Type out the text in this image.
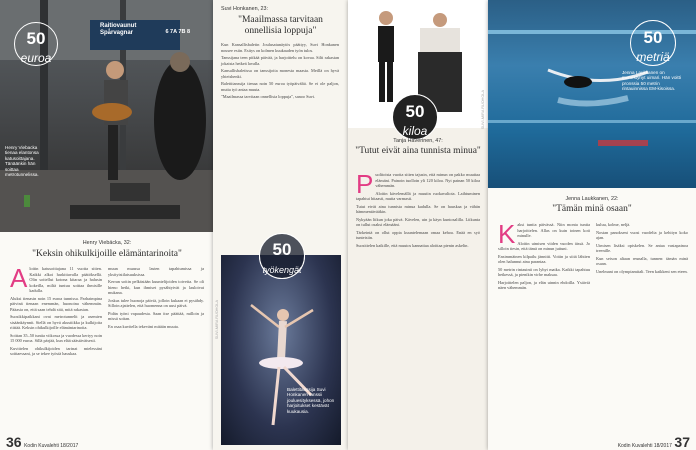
Raitiovaunut
Spårvagnar	6 7A 7B 8
50 euroa
Henry Viebacka tienaa elantonsa katusoittajana. Tänäänkin hän soittaa metrotunnelissa.
Henry Viebäcka, 32:
"Keksin ohikulkijoille elämäntarinoita"
A loitin katusoittajana 11 vuotta sitten. Kaikki alkoi harkittavalla päätöksellä. Olin soitellut kotona kitaraa ja halusin kokeilla, miltä tuntuu soittaa ihmisille kadulla.

Aluksi tienasin noin 15 euroa tunnissa. Parhaimpina päivinä tienaan enemmän, huonoina vähemmän. Pääasia on, että saan tehdä sitä, mitä rakastan.

Suosikkipaikkani ovat metrotunnelit ja asemien sisäänkäynnit. Siellä on hyvä akustiikka ja kulkijoita riittää. Keksin ohikulkijoille elämäntarinoita.

Soittan 35–50 tuntia viikossa ja vuodessa kertyy noin 15 000 euroa. Sillä pärjää, kun elää säästäväisesti.

Kuvittelen ohikulkijoiden tarinat mielessäni soittaessani, ja se tekee työstä hauskaa.

muun muassa lasten tapahtumissa ja yksityistilaisuuksissa.

Kerran soitin pelkästään kuuntelijoiden toiveita. Se oli hieno hetki, kun ihmiset pysähtyivät ja lauloivat mukana.

Joskus tulee huonoja päiviä, jolloin kukaan ei pysähdy. Silloin ajattelen, että huomenna on uusi päivä.

Pidän työni vapaudesta. Saan itse päättää, milloin ja missä soitan.

En osaa kuvitella tekeväni mitään muuta.

36 Kodin Kuvalehti 18/2017
Suvi Honkanen, 23:
"Maailmassa tarvitaan onnellisia loppuja"

Kun Kansallisbaletin Joulusatunäytös päättyy, Suvi Honkanen nousee esiin. Esitys on kolmen kuukauden työn tulos.

Tanssijana teen pitkää päivää, ja harjoittelu on kovaa. Silti rakastan jokaista hetkeä lavalla.

Kansallisbaletissa on tanssijoita monesta maasta. Meillä on hyvä yhteishenki.

Balettitanssija tienaa noin 50 euroa työpäivältä. Se ei ole paljon, mutta työ antaa muuta.

"Maailmassa tarvitaan onnellisia loppuja", sanoo Suvi.

Balettitanssija Suvi Honkanen tanssii jouluesityksessä, johon harjoitukset kestävät kuukausia.
50
työkengät
SUVI-MIRA RUOHOLA
50 kiloa
Tanja Haverinen, 47:
"Tutut eivät aina tunnista minua"
P uolitoista vuotta sitten tajusin, että minun on pakko muuttaa elämäni. Painoin tuolloin yli 120 kiloa. Nyt painan 50 kiloa vähemmän.

Aloitin kävelemällä ja muutin ruokavaliota. Laihtuminen tapahtui hitaasti, mutta varmasti.

Tutut eivät aina tunnista minua kadulla. Se on hauskaa ja vähän hämmentävääkin.

Nykyään liikun joka päivä. Kävelen, uin ja käyn kuntosalilla. Liikunta on tullut osaksi elämääni.

Tärkeintä on ollut oppia kuuntelemaan omaa kehoa. Enää en syö tunteisiin.

Suosittelen kaikille, että muutos kannattaa aloittaa pienin askelin.

SUVI-MIRA RUOHOLA
50 metriä
Jenna Laukkanen on menestynyt uimari. Hän voitti pronssia 50 metrin rintauinnissa EM-kisoissa.
Jenna Laukkanen, 22:
"Tämän minä osaan"
K aksi tuntia päivässä. Niin monta tuntia harjoittelen. Allas on kuin toinen koti minulle.

Aloitin uimisen viiden vuoden iässä. Jo silloin tiesin, että tämä on minun juttuni.

Ensimmäinen kilpailu jännitti. Voitin ja siitä lähtien olen halunnut aina parantaa.

50 metrin rintauinti on lyhyt matka. Kaikki tapahtuu hetkessä, ja pienikin virhe maksaa.

Harjoittelen paljon, ja elän uinnin ehdoilla. Ystäviä näen vähemmän.

kuluu, kolme, neljä.

Nostan panokseni vuosi vuodelta ja kehityn koko ajan.

Uimisen lisäksi opiskelen. Se antaa vastapainoa treenille.

Kun seison altaan reunalla, tunnen: tämän minä osaan.

Unelmani on olympiamitali. Teen kaikkeni sen eteen.

Kodin Kuvalehti 18/2017 37
